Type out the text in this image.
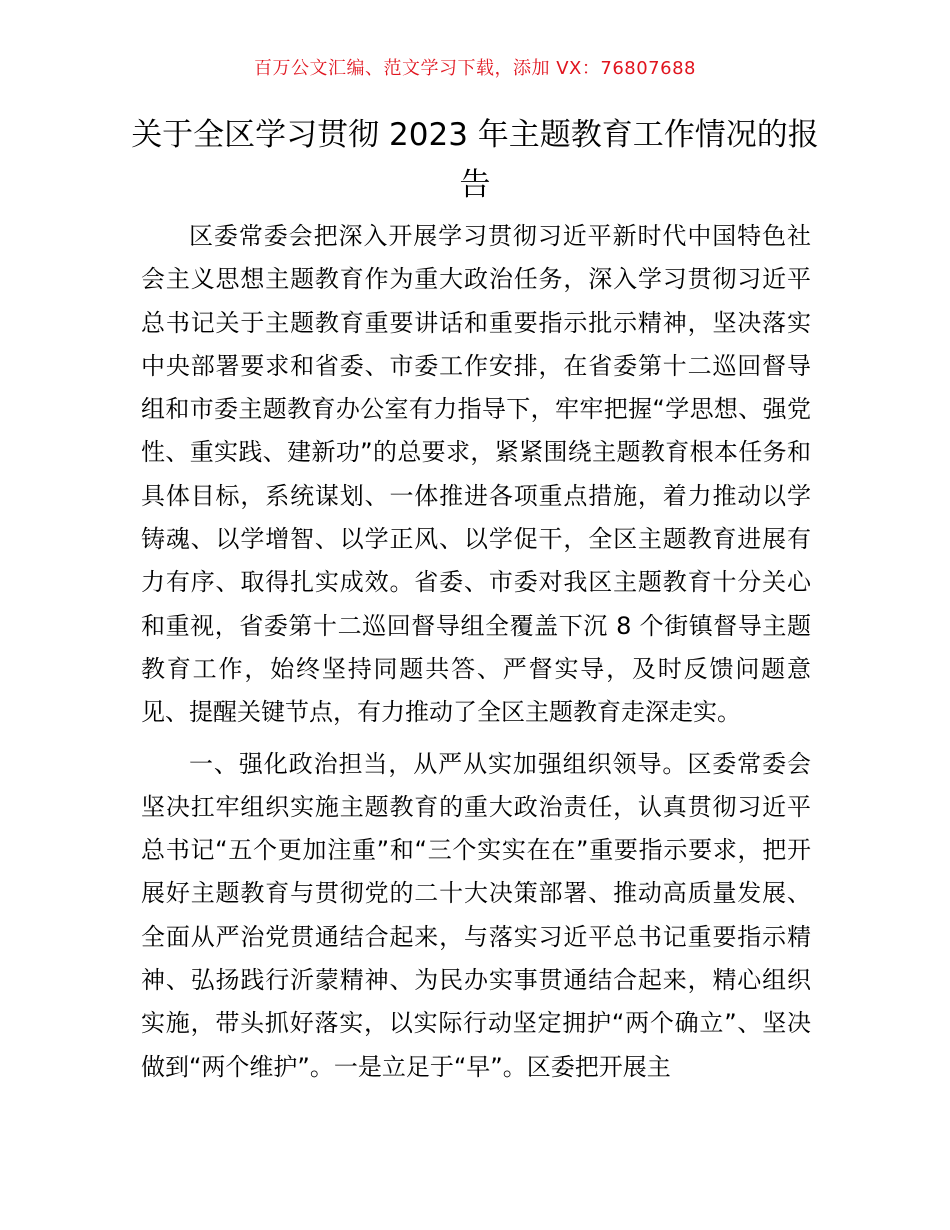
百万公文汇编、范文学习下载，添加 VX：76807688
关于全区学习贯彻 2023 年主题教育工作情况的报告

区委常委会把深入开展学习贯彻习近平新时代中国特色社会主义思想主题教育作为重大政治任务，深入学习贯彻习近平总书记关于主题教育重要讲话和重要指示批示精神，坚决落实中央部署要求和省委、市委工作安排，在省委第十二巡回督导组和市委主题教育办公室有力指导下，牢牢把握“学思想、强党性、重实践、建新功”的总要求，紧紧围绕主题教育根本任务和具体目标，系统谋划、一体推进各项重点措施，着力推动以学铸魂、以学增智、以学正风、以学促干，全区主题教育进展有力有序、取得扎实成效。省委、市委对我区主题教育十分关心和重视，省委第十二巡回督导组全覆盖下沉 8 个街镇督导主题教育工作，始终坚持同题共答、严督实导，及时反馈问题意见、提醒关键节点，有力推动了全区主题教育走深走实。

一、强化政治担当，从严从实加强组织领导。区委常委会坚决扛牢组织实施主题教育的重大政治责任，认真贯彻习近平总书记“五个更加注重”和“三个实实在在”重要指示要求，把开展好主题教育与贯彻党的二十大决策部署、推动高质量发展、全面从严治党贯通结合起来，与落实习近平总书记重要指示精神、弘扬践行沂蒙精神、为民办实事贯通结合起来，精心组织实施，带头抓好落实，以实际行动坚定拥护“两个确立”、坚决做到“两个维护”。一是立足于“早”。区委把开展主
